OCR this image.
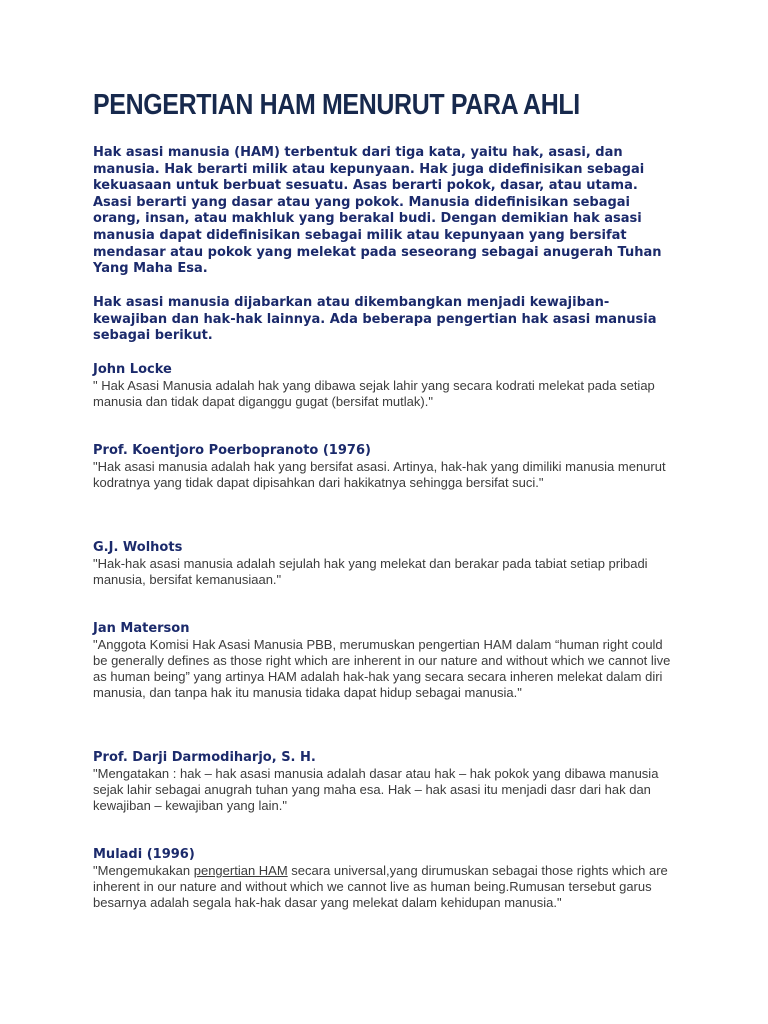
PENGERTIAN HAM MENURUT PARA AHLI

Hak asasi manusia (HAM) terbentuk dari tiga kata, yaitu hak, asasi, dan manusia. Hak berarti milik atau kepunyaan. Hak juga didefinisikan sebagai kekuasaan untuk berbuat sesuatu. Asas berarti pokok, dasar, atau utama. Asasi berarti yang dasar atau yang pokok. Manusia didefinisikan sebagai orang, insan, atau makhluk yang berakal budi. Dengan demikian hak asasi manusia dapat didefinisikan sebagai milik atau kepunyaan yang bersifat mendasar atau pokok yang melekat pada seseorang sebagai anugerah Tuhan Yang Maha Esa.

Hak asasi manusia dijabarkan atau dikembangkan menjadi kewajiban-kewajiban dan hak-hak lainnya. Ada beberapa pengertian hak asasi manusia sebagai berikut.

John Locke

" Hak Asasi Manusia adalah hak yang dibawa sejak lahir yang secara kodrati melekat pada setiap manusia dan tidak dapat diganggu gugat (bersifat mutlak)."

Prof. Koentjoro Poerbopranoto (1976)

"Hak asasi manusia adalah hak yang bersifat asasi. Artinya, hak-hak yang dimiliki manusia menurut kodratnya yang tidak dapat dipisahkan dari hakikatnya sehingga bersifat suci."

G.J. Wolhots

"Hak-hak asasi manusia adalah sejulah hak yang melekat dan berakar pada tabiat setiap pribadi manusia, bersifat kemanusiaan."

Jan Materson

"Anggota Komisi Hak Asasi Manusia PBB, merumuskan pengertian HAM dalam “human right could be generally defines as those right which are inherent in our nature and without which we cannot live as human being” yang artinya HAM adalah hak-hak yang secara secara inheren melekat dalam diri manusia, dan tanpa hak itu manusia tidaka dapat hidup sebagai manusia."

Prof. Darji Darmodiharjo, S. H.

"Mengatakan : hak – hak asasi manusia adalah dasar atau hak – hak pokok yang dibawa manusia sejak lahir sebagai anugrah tuhan yang maha esa. Hak – hak asasi itu menjadi dasr dari hak dan kewajiban – kewajiban yang lain."

Muladi (1996)

"Mengemukakan pengertian HAM secara universal,yang dirumuskan sebagai those rights which are inherent in our nature and without which we cannot live as human being.Rumusan tersebut garus besarnya adalah segala hak-hak dasar yang melekat dalam kehidupan manusia."
